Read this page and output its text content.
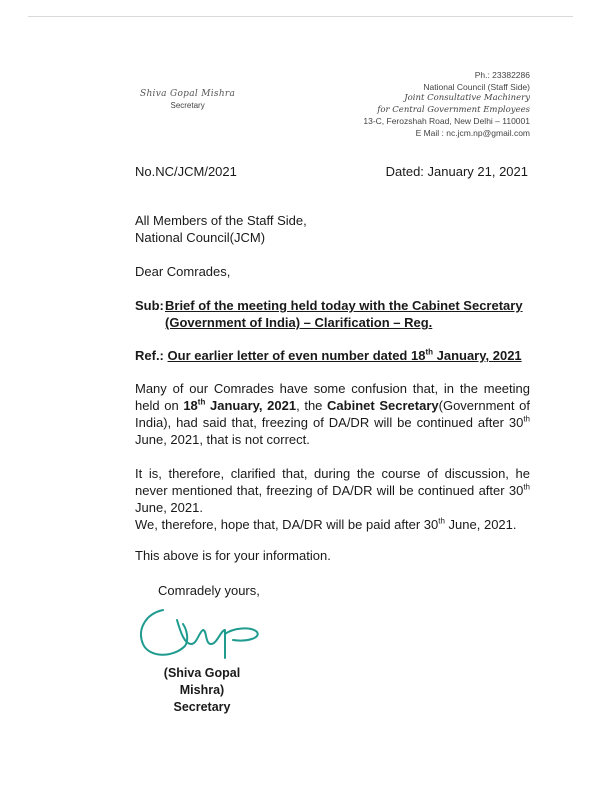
Shiva Gopal Mishra
Secretary
Ph.: 23382286
National Council (Staff Side)
Joint Consultative Machinery
for Central Government Employees
13-C, Ferozshah Road, New Delhi – 110001
E Mail : nc.jcm.np@gmail.com
No.NC/JCM/2021	Dated: January 21, 2021
All Members of the Staff Side,
National Council(JCM)
Dear Comrades,
Sub: Brief of the meeting held today with the Cabinet Secretary
(Government of India) – Clarification – Reg.
Ref.: Our earlier letter of even number dated 18th January, 2021
Many of our Comrades have some confusion that, in the meeting held on 18th January, 2021, the Cabinet Secretary(Government of India), had said that, freezing of DA/DR will be continued after 30th June, 2021, that is not correct.
It is, therefore, clarified that, during the course of discussion, he never mentioned that, freezing of DA/DR will be continued after 30th June, 2021.
We, therefore, hope that, DA/DR will be paid after 30th June, 2021.
This above is for your information.
Comradely yours,
(Shiva Gopal Mishra)
Secretary
